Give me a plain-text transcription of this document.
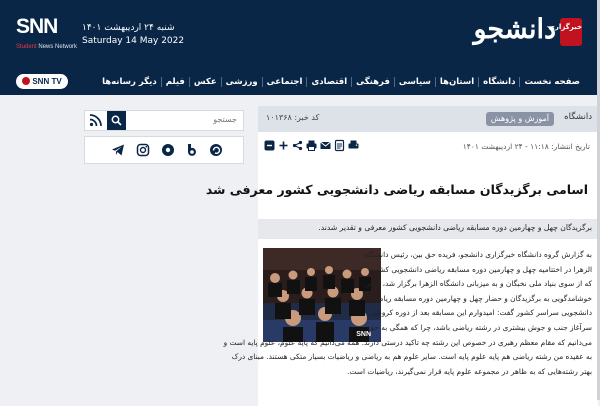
خبرگزاری
دانشجو
SNN
Student News Network
شنبه ۲۴ اردیبهشت ۱۴۰۱
Saturday 14 May 2022
SNN TV	صفحه نخست
دانشگاه
استان‌ها
سیاسی
فرهنگی
اقتصادی
اجتماعی
ورزشی
عکس
فیلم
دیگر رسانه‌ها
جستجو	دانشگاه
آموزش و پژوهش
کد خبر: ۱۰۱۳۶۸
تاریخ انتشار: ۱۱:۱۸ - ۲۴ اردیبهشت ۱۴۰۱
اسامی برگزیدگان مسابقه ریاضی دانشجویی کشور معرفی شد
برگزیدگان چهل و چهارمین دوره مسابقه ریاضی دانشجویی کشور معرفی و تقدیر شدند.
SNN
به گزارش گروه دانشگاه خبرگزاری دانشجو، فریده حق بین، رئیس دانشگاه
الزهرا در اختتامیه چهل و چهارمین دوره مسابقه ریاضی دانشجویی کشور
که از سوی بنیاد ملی نخبگان و به میزبانی دانشگاه الزهرا برگزار شد، ضمن
خوشامدگویی به برگزیدگان و حضار چهل و چهارمین دوره مسابقه ریاضیات
دانشجویی سراسر کشور گفت: امیدوارم این مسابقه بعد از دوره کرونایی
سرآغاز جنب و جوش بیشتری در رشته ریاضی باشد، چرا که همگی به حق
می‌دانیم که مقام معظم رهبری در خصوص این رشته چه تاکید درستی دارند. همه می‌دانیم که پایه علوم، علوم پایه است و
به عقیده من رشته ریاضی هم پایه علوم پایه است. سایر علوم هم به ریاضی و ریاضیات بسیار متکی هستند. مبنای درک
بهتر رشته‌هایی که به ظاهر در مجموعه علوم پایه قرار نمی‌گیرند، ریاضیات است.
